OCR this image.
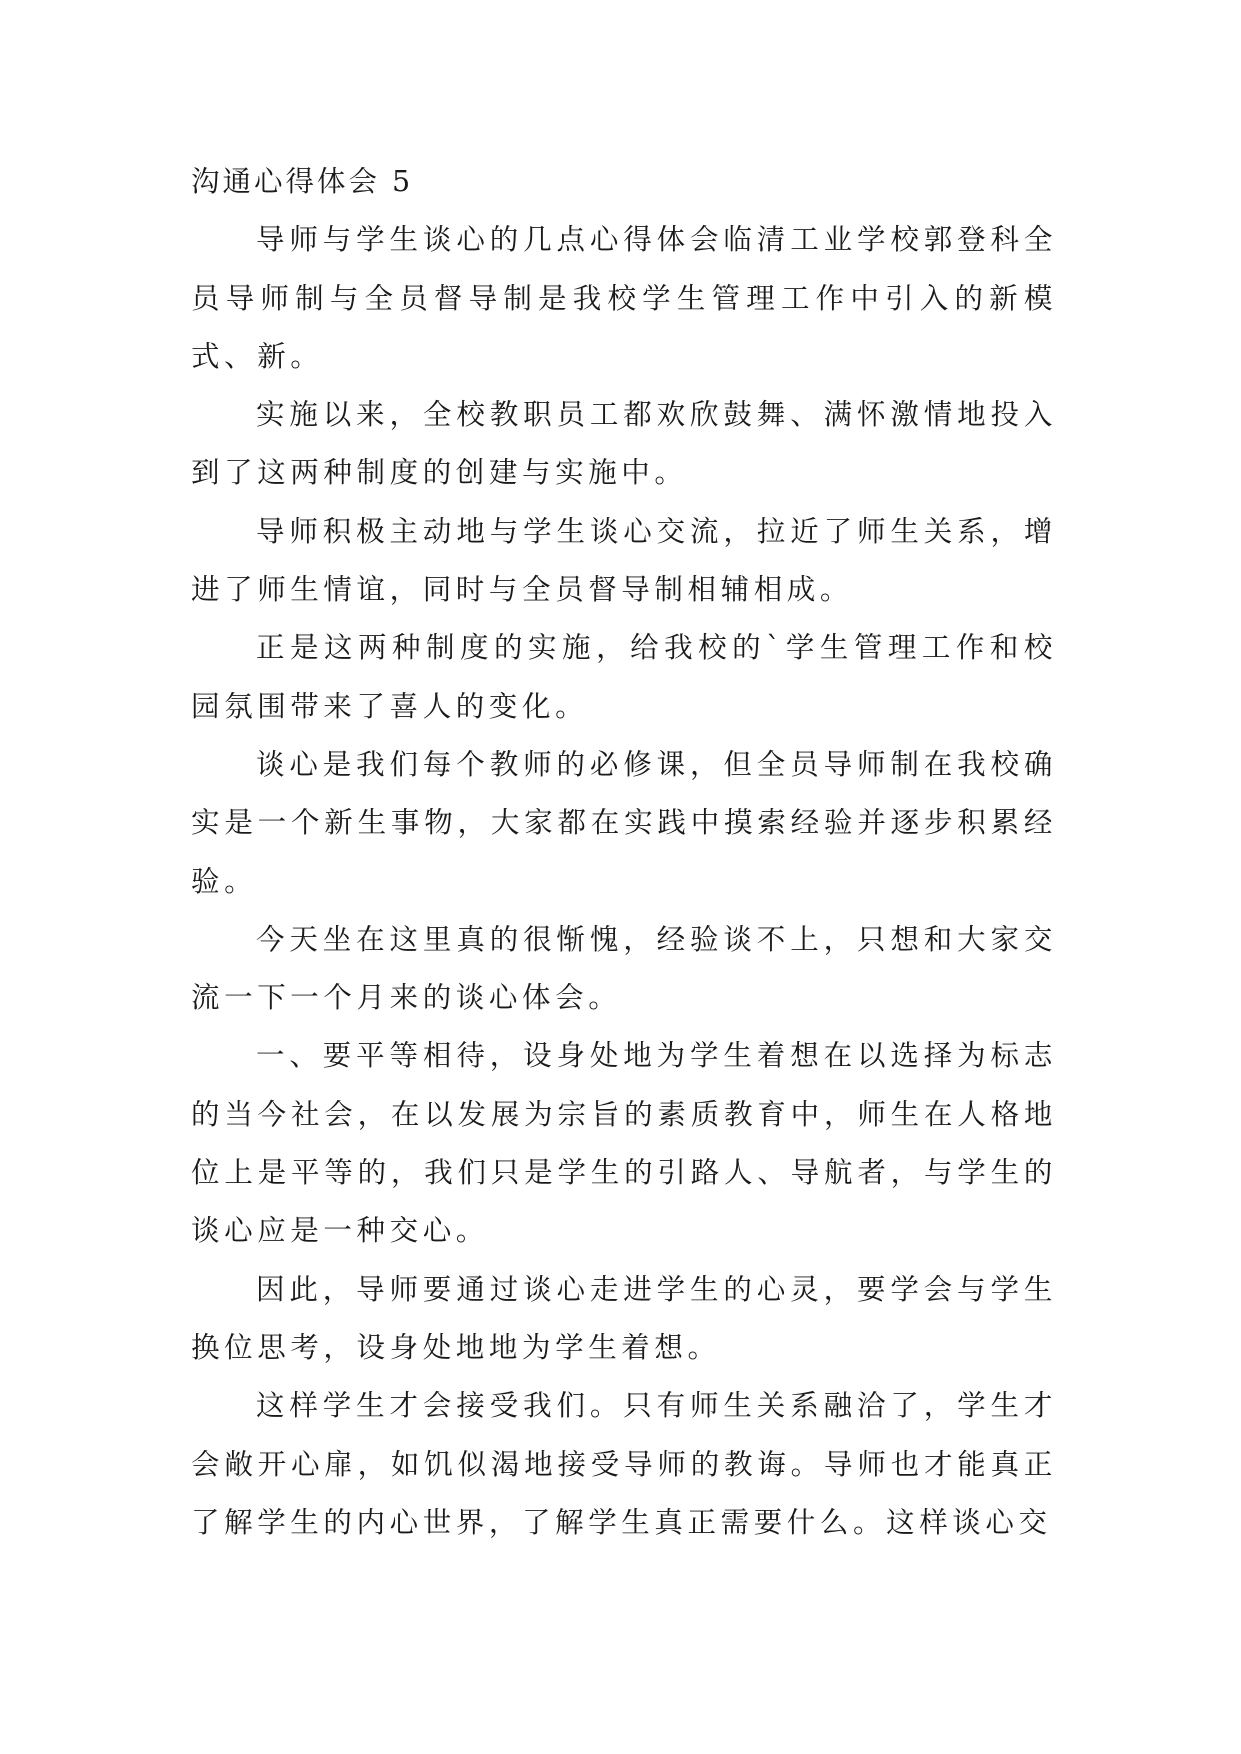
沟通心得体会 5

导师与学生谈心的几点心得体会临清工业学校郭登科全员导师制与全员督导制是我校学生管理工作中引入的新模式、新。

实施以来，全校教职员工都欢欣鼓舞、满怀激情地投入到了这两种制度的创建与实施中。

导师积极主动地与学生谈心交流，拉近了师生关系，增进了师生情谊，同时与全员督导制相辅相成。

正是这两种制度的实施，给我校的`学生管理工作和校园氛围带来了喜人的变化。

谈心是我们每个教师的必修课，但全员导师制在我校确实是一个新生事物，大家都在实践中摸索经验并逐步积累经验。

今天坐在这里真的很惭愧，经验谈不上，只想和大家交流一下一个月来的谈心体会。

一、要平等相待，设身处地为学生着想在以选择为标志的当今社会，在以发展为宗旨的素质教育中，师生在人格地位上是平等的，我们只是学生的引路人、导航者，与学生的谈心应是一种交心。

因此，导师要通过谈心走进学生的心灵，要学会与学生换位思考，设身处地地为学生着想。

这样学生才会接受我们。只有师生关系融洽了，学生才会敞开心扉，如饥似渴地接受导师的教诲。导师也才能真正了解学生的内心世界，了解学生真正需要什么。这样谈心交
